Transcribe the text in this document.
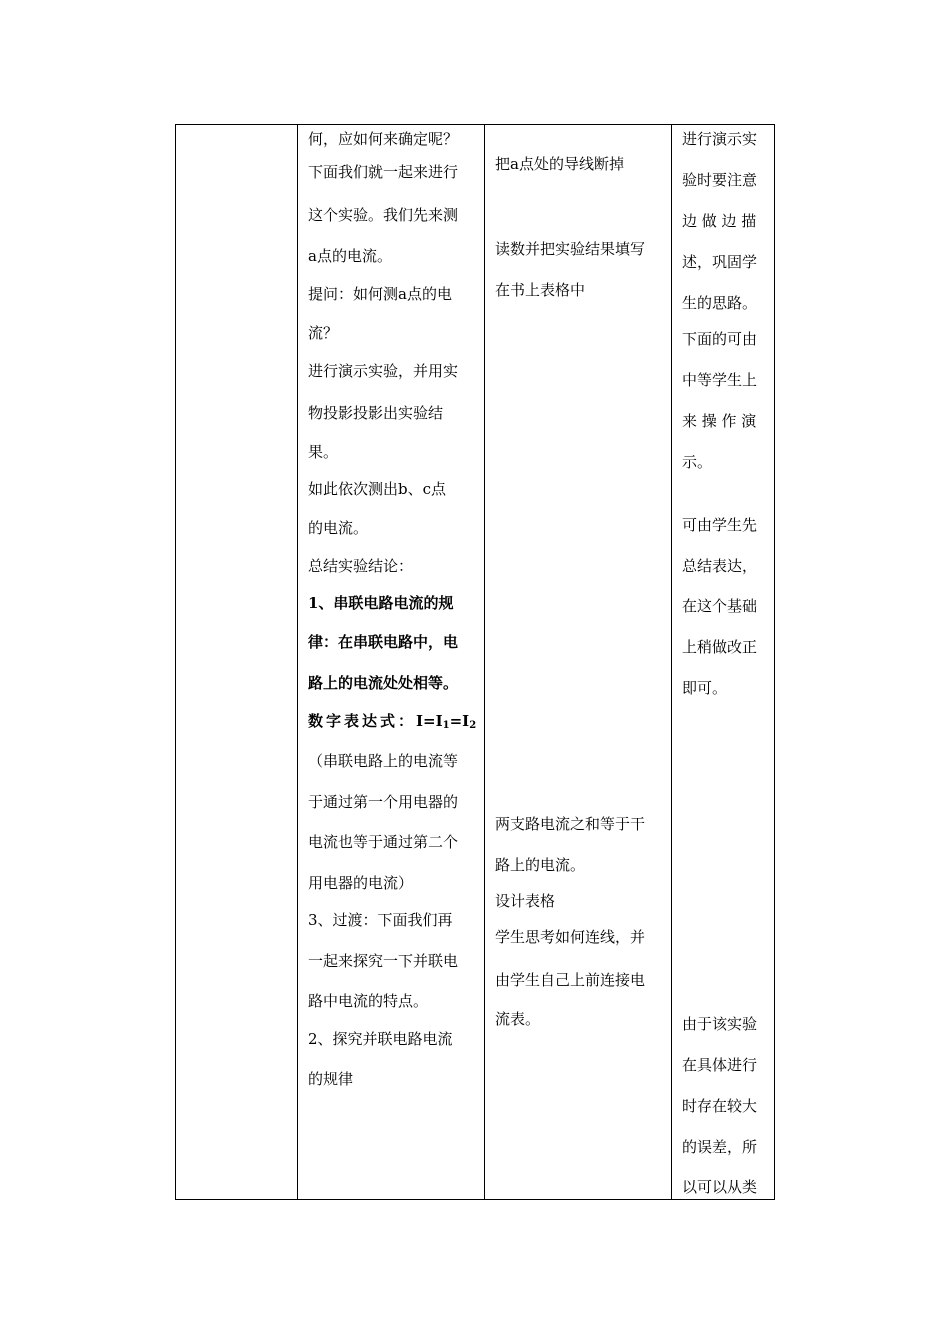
何，应如何来确定呢？
下面我们就一起来进行
这个实验。我们先来测
a点的电流。
提问：如何测a点的电
流？
进行演示实验，并用实
物投影投影出实验结
果。
如此依次测出b、c点
的电流。
总结实验结论：
1、串联电路电流的规
律：在串联电路中，电
路上的电流处处相等。
数字表达式：$I=I_1=I_2$
（串联电路上的电流等
于通过第一个用电器的
电流也等于通过第二个
用电器的电流）
3、过渡：下面我们再
一起来探究一下并联电
路中电流的特点。
2、探究并联电路电流
的规律
把a点处的导线断掉
读数并把实验结果填写
在书上表格中
两支路电流之和等于干
路上的电流。
设计表格
学生思考如何连线，并
由学生自己上前连接电
流表。
进行演示实
验时要注意
边 做 边 描
述，巩固学
生的思路。
下面的可由
中等学生上
来 操 作 演
示。
可由学生先
总结表达，
在这个基础
上稍做改正
即可。
由于该实验
在具体进行
时存在较大
的误差，所
以可以从类
